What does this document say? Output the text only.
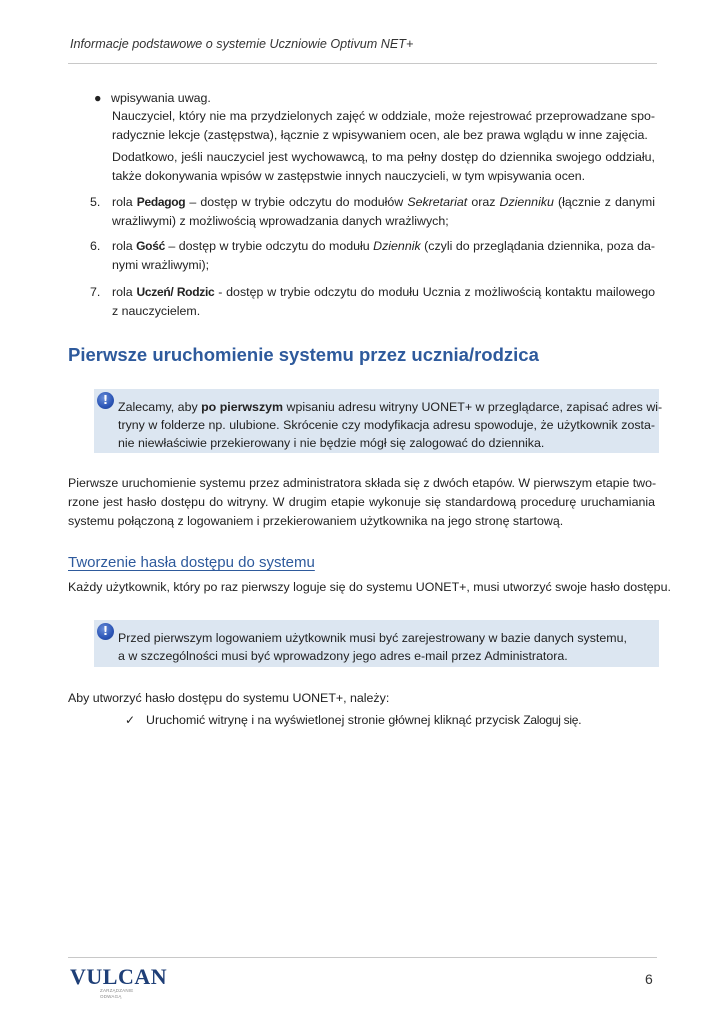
Informacje podstawowe o systemie Uczniowie Optivum NET+
● wpisywania uwag.
Nauczyciel, który nie ma przydzielonych zajęć w oddziale, może rejestrować przeprowadzane spo-
radycznie lekcje (zastępstwa), łącznie z wpisywaniem ocen, ale bez prawa wglądu w inne zajęcia.
Dodatkowo, jeśli nauczyciel jest wychowawcą, to ma pełny dostęp do dziennika swojego oddziału,
także dokonywania wpisów w zastępstwie innych nauczycieli, w tym wpisywania ocen.
5. rola Pedagog – dostęp w trybie odczytu do modułów Sekretariat oraz Dzienniku (łącznie z danymi
wrażliwymi) z możliwością wprowadzania danych wrażliwych;
6. rola Gość – dostęp w trybie odczytu do modułu Dziennik (czyli do przeglądania dziennika, poza da-
nymi wrażliwymi);
7. rola Uczeń/ Rodzic - dostęp w trybie odczytu do modułu Ucznia z możliwością kontaktu mailowego
z nauczycielem.
Pierwsze uruchomienie systemu przez ucznia/rodzica
! Zalecamy, aby po pierwszym wpisaniu adresu witryny UONET+ w przeglądarce, zapisać adres wi-
tryny w folderze np. ulubione. Skrócenie czy modyfikacja adresu spowoduje, że użytkownik zosta-
nie niewłaściwie przekierowany i nie będzie mógł się zalogować do dziennika.
Pierwsze uruchomienie systemu przez administratora składa się z dwóch etapów. W pierwszym etapie two-
rzone jest hasło dostępu do witryny. W drugim etapie wykonuje się standardową procedurę uruchamiania
systemu połączoną z logowaniem i przekierowaniem użytkownika na jego stronę startową.
Tworzenie hasła dostępu do systemu
Każdy użytkownik, który po raz pierwszy loguje się do systemu UONET+, musi utworzyć swoje hasło dostępu.
! Przed pierwszym logowaniem użytkownik musi być zarejestrowany w bazie danych systemu,
a w szczególności musi być wprowadzony jego adres e-mail przez Administratora.
Aby utworzyć hasło dostępu do systemu UONET+, należy:
✓ Uruchomić witrynę i na wyświetlonej stronie głównej kliknąć przycisk Zaloguj się.
VULCAN
ZARZĄDZANIE ODWAGĄ
6
